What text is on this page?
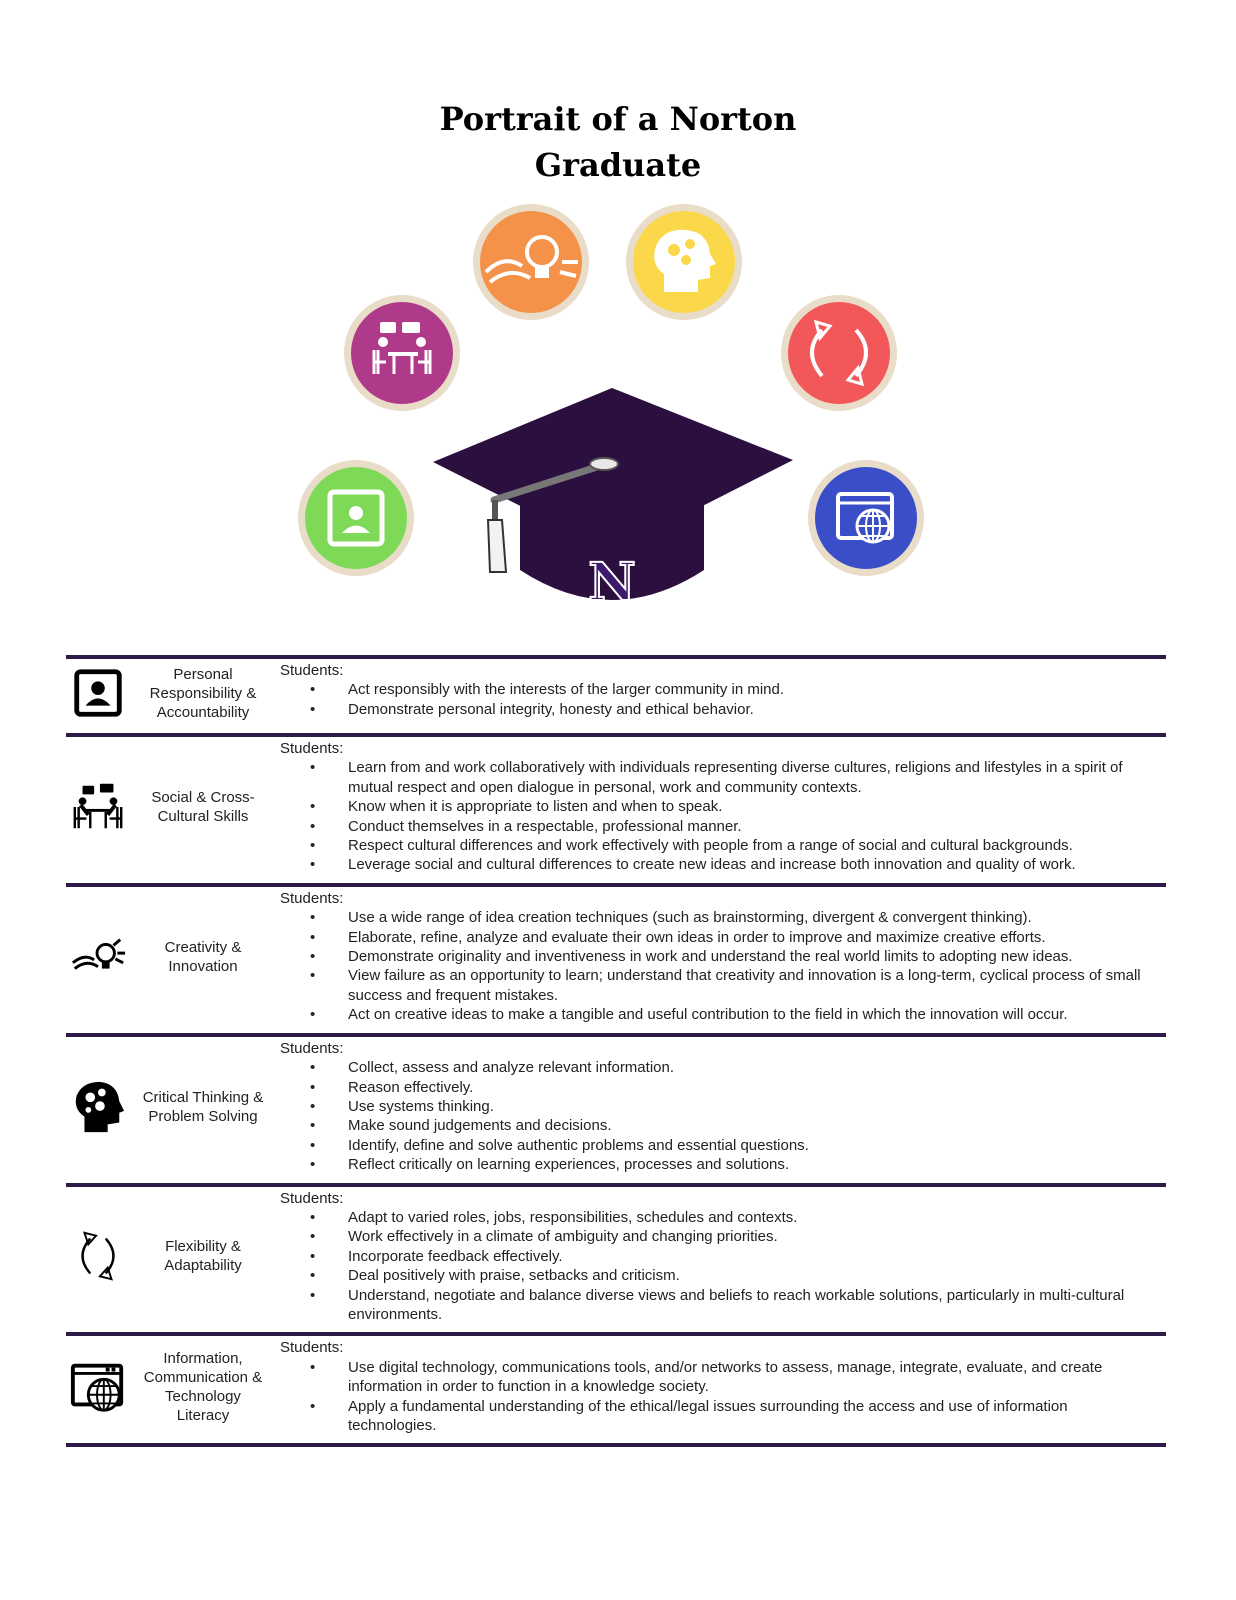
Portrait of a Norton
Graduate
N
Personal
Responsibility &
Accountability
Students:
• Act responsibly with the interests of the larger community in mind.
• Demonstrate personal integrity, honesty and ethical behavior.
Social & Cross-
Cultural Skills
Students:
• Learn from and work collaboratively with individuals representing diverse cultures, religions and lifestyles in a spirit of mutual respect and open dialogue in personal, work and community contexts.
• Know when it is appropriate to listen and when to speak.
• Conduct themselves in a respectable, professional manner.
• Respect cultural differences and work effectively with people from a range of social and cultural backgrounds.
• Leverage social and cultural differences to create new ideas and increase both innovation and quality of work.
Creativity &
Innovation
Students:
• Use a wide range of idea creation techniques (such as brainstorming, divergent & convergent thinking).
• Elaborate, refine, analyze and evaluate their own ideas in order to improve and maximize creative efforts.
• Demonstrate originality and inventiveness in work and understand the real world limits to adopting new ideas.
• View failure as an opportunity to learn; understand that creativity and innovation is a long-term, cyclical process of small success and frequent mistakes.
• Act on creative ideas to make a tangible and useful contribution to the field in which the innovation will occur.
Critical Thinking &
Problem Solving
Students:
• Collect, assess and analyze relevant information.
• Reason effectively.
• Use systems thinking.
• Make sound judgements and decisions.
• Identify, define and solve authentic problems and essential questions.
• Reflect critically on learning experiences, processes and solutions.
Flexibility &
Adaptability
Students:
• Adapt to varied roles, jobs, responsibilities, schedules and contexts.
• Work effectively in a climate of ambiguity and changing priorities.
• Incorporate feedback effectively.
• Deal positively with praise, setbacks and criticism.
• Understand, negotiate and balance diverse views and beliefs to reach workable solutions, particularly in multi-cultural environments.
Information,
Communication &
Technology
Literacy
Students:
• Use digital technology, communications tools, and/or networks to assess, manage, integrate, evaluate, and create information in order to function in a knowledge society.
• Apply a fundamental understanding of the ethical/legal issues surrounding the access and use of information technologies.
